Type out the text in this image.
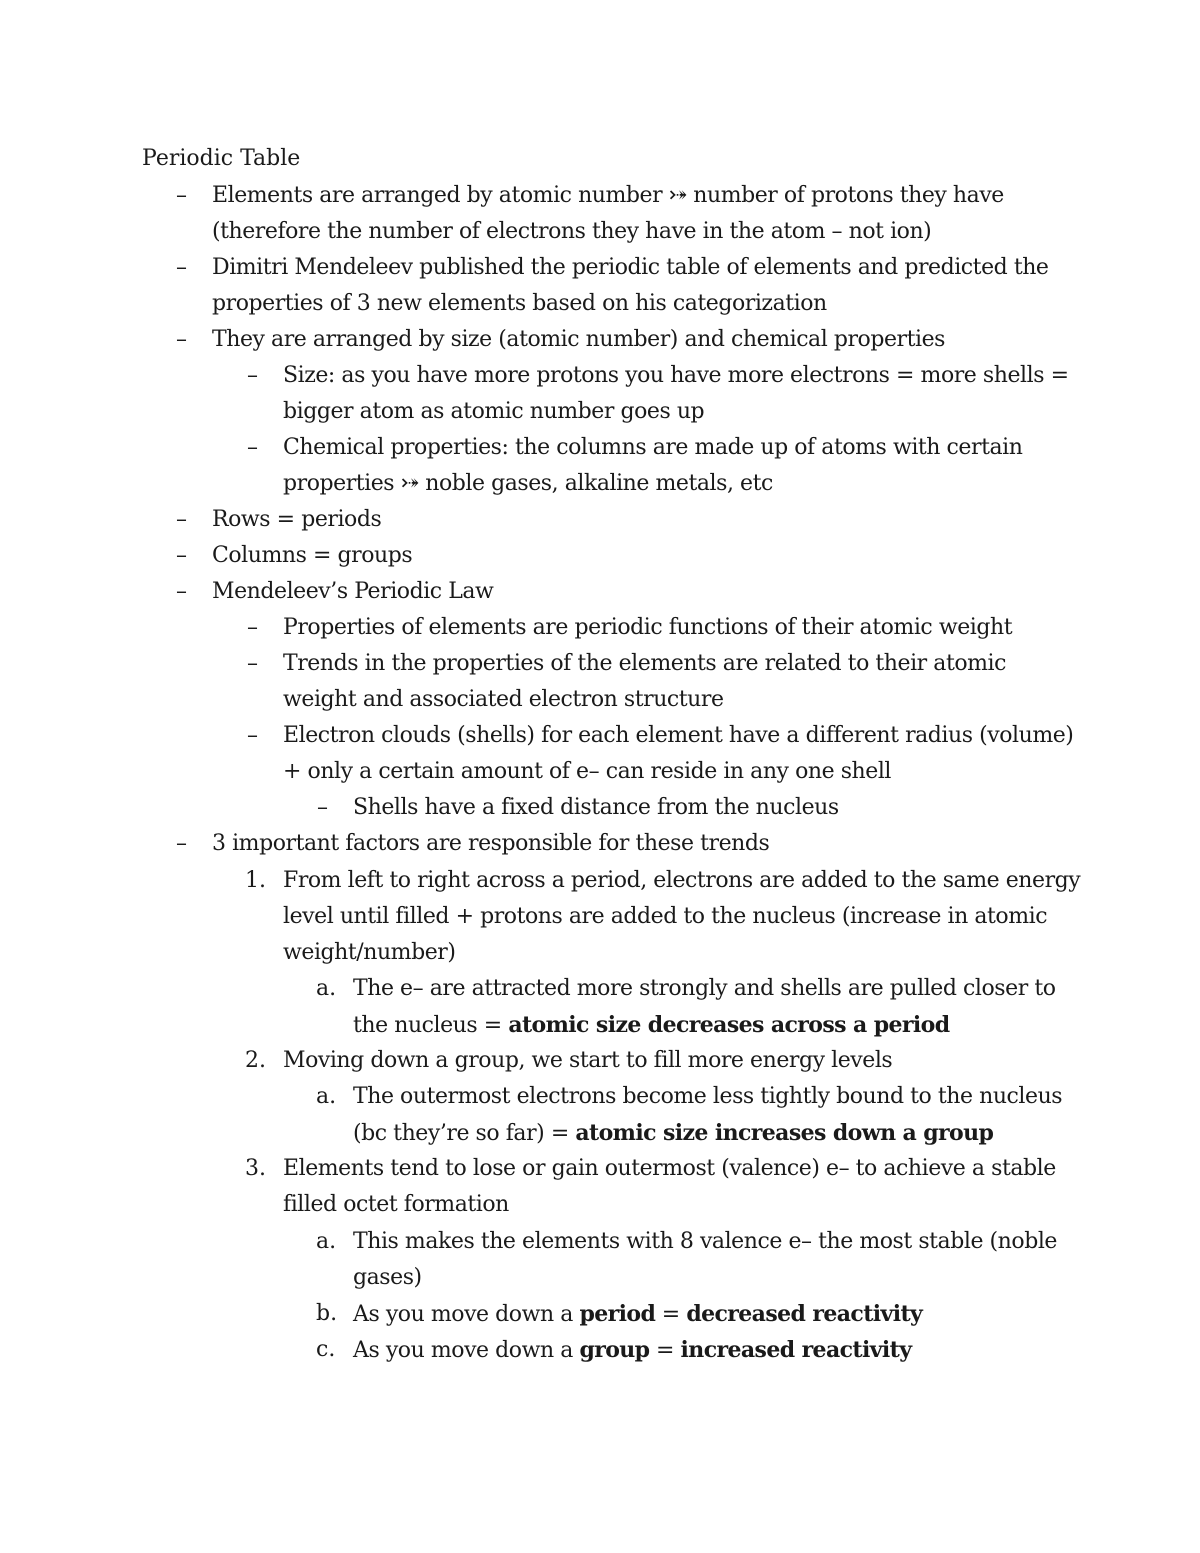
Periodic Table
– Elements are arranged by atomic number ⤐ number of protons they have
(therefore the number of electrons they have in the atom – not ion)
– Dimitri Mendeleev published the periodic table of elements and predicted the
properties of 3 new elements based on his categorization
– They are arranged by size (atomic number) and chemical properties
– Size: as you have more protons you have more electrons = more shells =
bigger atom as atomic number goes up
– Chemical properties: the columns are made up of atoms with certain
properties ⤐ noble gases, alkaline metals, etc
– Rows = periods
– Columns = groups
– Mendeleev’s Periodic Law
– Properties of elements are periodic functions of their atomic weight
– Trends in the properties of the elements are related to their atomic
weight and associated electron structure
– Electron clouds (shells) for each element have a different radius (volume)
+ only a certain amount of e– can reside in any one shell
– Shells have a fixed distance from the nucleus
– 3 important factors are responsible for these trends
1. From left to right across a period, electrons are added to the same energy
level until filled + protons are added to the nucleus (increase in atomic
weight/number)
a. The e– are attracted more strongly and shells are pulled closer to
the nucleus = atomic size decreases across a period
2. Moving down a group, we start to fill more energy levels
a. The outermost electrons become less tightly bound to the nucleus
(bc they’re so far) = atomic size increases down a group
3. Elements tend to lose or gain outermost (valence) e– to achieve a stable
filled octet formation
a. This makes the elements with 8 valence e– the most stable (noble
gases)
b. As you move down a period = decreased reactivity
c. As you move down a group = increased reactivity
